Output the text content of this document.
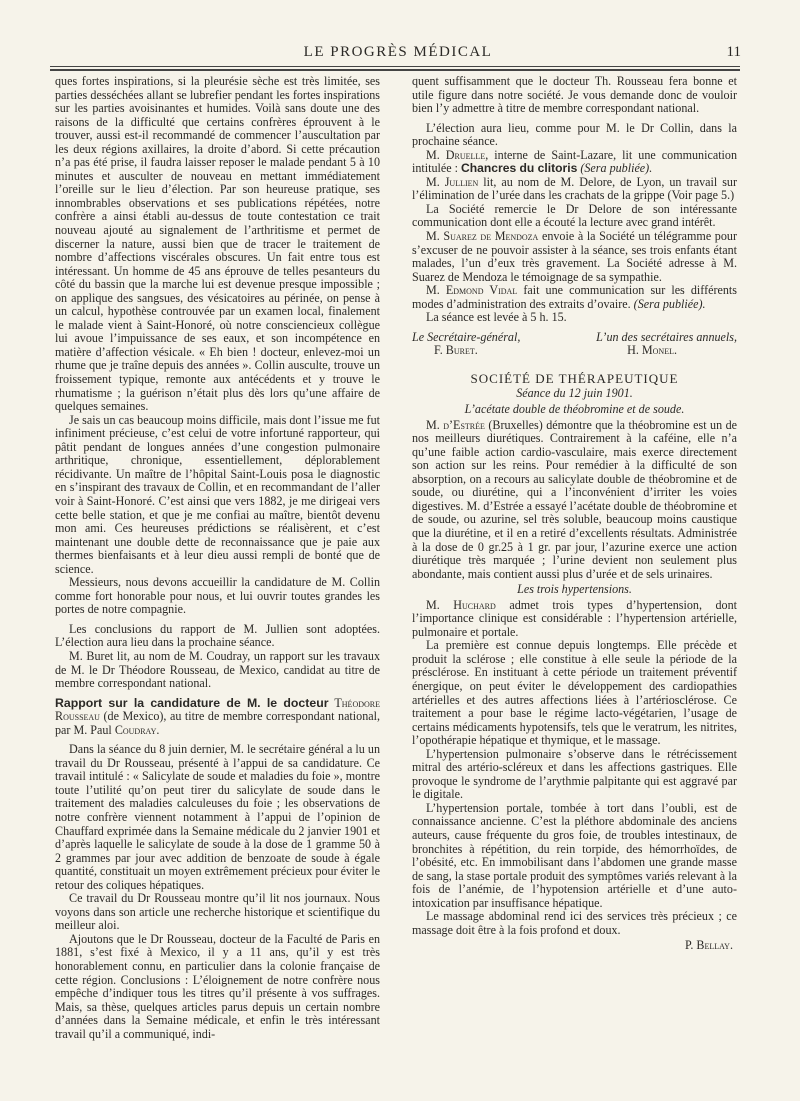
LE PROGRÈS MÉDICAL	11

ques fortes inspirations, si la pleurésie sèche est très limitée, ses parties desséchées allant se lubrefier pendant les fortes inspirations sur les parties avoisinantes et humides. Voilà sans doute une des raisons de la difficulté que certains confrères éprouvent à le trouver, aussi est-il recommandé de commencer l’auscultation par les deux régions axillaires, la droite d’abord. Si cette précaution n’a pas été prise, il faudra laisser reposer le malade pendant 5 à 10 minutes et ausculter de nouveau en mettant immédiatement l’oreille sur le lieu d’élection. Par son heureuse pratique, ses innombrables observations et ses publications répétées, notre confrère a ainsi établi au-dessus de toute contestation ce trait nouveau ajouté au signalement de l’arthritisme et permet de discerner la nature, aussi bien que de tracer le traitement de nombre d’affections viscérales obscures. Un fait entre tous est intéressant. Un homme de 45 ans éprouve de telles pesanteurs du côté du bassin que la marche lui est devenue presque impossible ; on applique des sangsues, des vésicatoires au périnée, on pense à un calcul, hypothèse controuvée par un examen local, finalement le malade vient à Saint-Honoré, où notre consciencieux collègue lui avoue l’impuissance de ses eaux, et son incompétence en matière d’affection vésicale. « Eh bien ! docteur, enlevez-moi un rhume que je traîne depuis des années ». Collin ausculte, trouve un froissement typique, remonte aux antécédents et y trouve le rhumatisme ; la guérison n’était plus dès lors qu’une affaire de quelques semaines.

Je sais un cas beaucoup moins difficile, mais dont l’issue me fut infiniment précieuse, c’est celui de votre infortuné rapporteur, qui pâtit pendant de longues années d’une congestion pulmonaire arthritique, chronique, essentiellement, déplorablement récidivante. Un maître de l’hôpital Saint-Louis posa le diagnostic en s’inspirant des travaux de Collin, et en recommandant de l’aller voir à Saint-Honoré. C’est ainsi que vers 1882, je me dirigeai vers cette belle station, et que je me confiai au maître, bientôt devenu mon ami. Ces heureuses prédictions se réalisèrent, et c’est maintenant une double dette de reconnaissance que je paie aux thermes bienfaisants et à leur dieu aussi rempli de bonté que de science.

Messieurs, nous devons accueillir la candidature de M. Collin comme fort honorable pour nous, et lui ouvrir toutes grandes les portes de notre compagnie.

Les conclusions du rapport de M. Jullien sont adoptées. L’élection aura lieu dans la prochaine séance.

M. Buret lit, au nom de M. Coudray, un rapport sur les travaux de M. le Dr Théodore Rousseau, de Mexico, candidat au titre de membre correspondant national.

Rapport sur la candidature de M. le docteur Théodore Rousseau (de Mexico), au titre de membre correspondant national, par M. Paul Coudray.

Dans la séance du 8 juin dernier, M. le secrétaire général a lu un travail du Dr Rousseau, présenté à l’appui de sa candidature. Ce travail intitulé : « Salicylate de soude et maladies du foie », montre toute l’utilité qu’on peut tirer du salicylate de soude dans le traitement des maladies calculeuses du foie ; les observations de notre confrère viennent notamment à l’appui de l’opinion de Chauffard exprimée dans la Semaine médicale du 2 janvier 1901 et d’après laquelle le salicylate de soude à la dose de 1 gramme 50 à 2 grammes par jour avec addition de benzoate de soude à égale quantité, constituait un moyen extrêmement précieux pour éviter le retour des coliques hépatiques.

Ce travail du Dr Rousseau montre qu’il lit nos journaux. Nous voyons dans son article une recherche historique et scientifique du meilleur aloi.

Ajoutons que le Dr Rousseau, docteur de la Faculté de Paris en 1881, s’est fixé à Mexico, il y a 11 ans, qu’il y est très honorablement connu, en particulier dans la colonie française de cette région. Conclusions : L’éloignement de notre confrère nous empêche d’indiquer tous les titres qu’il présente à vos suffrages. Mais, sa thèse, quelques articles parus depuis un certain nombre d’années dans la Semaine médicale, et enfin le très intéressant travail qu’il a communiqué, indi-

quent suffisamment que le docteur Th. Rousseau fera bonne et utile figure dans notre société. Je vous demande donc de vouloir bien l’y admettre à titre de membre correspondant national.

L’élection aura lieu, comme pour M. le Dr Collin, dans la prochaine séance.

M. Druelle, interne de Saint-Lazare, lit une communication intitulée : Chancres du clitoris (Sera publiée).

M. Jullien lit, au nom de M. Delore, de Lyon, un travail sur l’élimination de l’urée dans les crachats de la grippe (Voir page 5.)

La Société remercie le Dr Delore de son intéressante communication dont elle a écouté la lecture avec grand intérêt.

M. Suarez de Mendoza envoie à la Société un télégramme pour s’excuser de ne pouvoir assister à la séance, ses trois enfants étant malades, l’un d’eux très gravement. La Société adresse à M. Suarez de Mendoza le témoignage de sa sympathie.

M. Edmond Vidal fait une communication sur les différents modes d’administration des extraits d’ovaire. (Sera publiée).

La séance est levée à 5 h. 15.

Le Secrétaire-général,	L’un des secrétaires annuels,
F. Buret.	H. Monel.
SOCIÉTÉ DE THÉRAPEUTIQUE
Séance du 12 juin 1901.
L’acétate double de théobromine et de soude.

M. d’Estrée (Bruxelles) démontre que la théobromine est un de nos meilleurs diurétiques. Contrairement à la caféine, elle n’a qu’une faible action cardio-vasculaire, mais exerce directement son action sur les reins. Pour remédier à la difficulté de son absorption, on a recours au salicylate double de théobromine et de soude, ou diurétine, qui a l’inconvénient d’irriter les voies digestives. M. d’Estrée a essayé l’acétate double de théobromine et de soude, ou azurine, sel très soluble, beaucoup moins caustique que la diurétine, et il en a retiré d’excellents résultats. Administrée à la dose de 0 gr.25 à 1 gr. par jour, l’azurine exerce une action diurétique très marquée ; l’urine devient non seulement plus abondante, mais contient aussi plus d’urée et de sels urinaires.

Les trois hypertensions.

M. Huchard admet trois types d’hypertension, dont l’importance clinique est considérable : l’hypertension artérielle, pulmonaire et portale.

La première est connue depuis longtemps. Elle précède et produit la sclérose ; elle constitue à elle seule la période de la présclérose. En instituant à cette période un traitement préventif énergique, on peut éviter le développement des cardiopathies artérielles et des autres affections liées à l’artériosclérose. Ce traitement a pour base le régime lacto-végétarien, l’usage de certains médicaments hypotensifs, tels que le veratrum, les nitrites, l’opothérapie hépatique et thymique, et le massage.

L’hypertension pulmonaire s’observe dans le rétrécissement mitral des artério-scléreux et dans les affections gastriques. Elle provoque le syndrome de l’arythmie palpitante qui est aggravé par le digitale.

L’hypertension portale, tombée à tort dans l’oubli, est de connaissance ancienne. C’est la pléthore abdominale des anciens auteurs, cause fréquente du gros foie, de troubles intestinaux, de bronchites à répétition, du rein torpide, des hémorrhoïdes, de l’obésité, etc. En immobilisant dans l’abdomen une grande masse de sang, la stase portale produit des symptômes variés relevant à la fois de l’anémie, de l’hypotension artérielle et d’une auto-intoxication par insuffisance hépatique.

Le massage abdominal rend ici des services très précieux ; ce massage doit être à la fois profond et doux.

P. Bellay.
